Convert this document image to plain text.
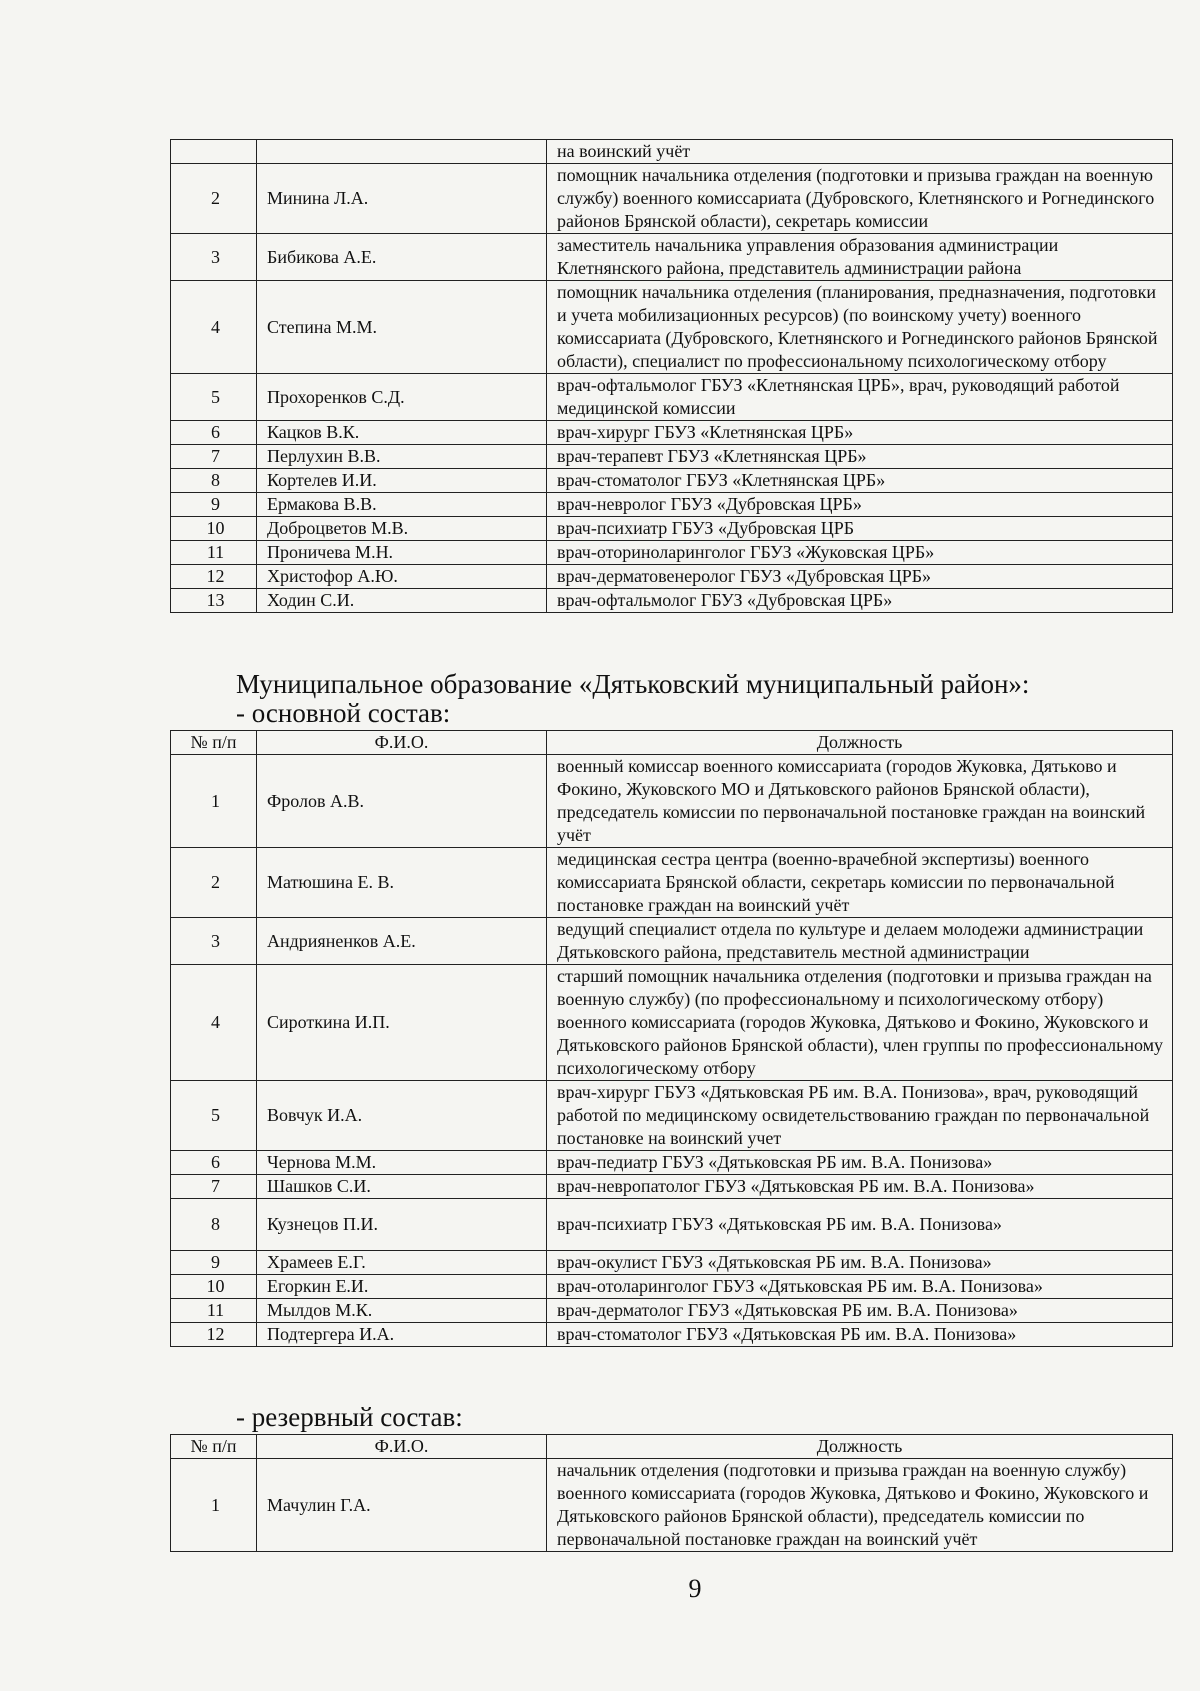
		на воинский учёт
2	Минина Л.А.	помощник начальника отделения (подготовки и призыва граждан на военную службу) военного комиссариата (Дубровского, Клетнянского и Рогнединского районов Брянской области), секретарь комиссии
3	Бибикова А.Е.	заместитель начальника управления образования администрации Клетнянского района, представитель администрации района
4	Степина М.М.	помощник начальника отделения (планирования, предназначения, подготовки и учета мобилизационных ресурсов) (по воинскому учету) военного комиссариата (Дубровского, Клетнянского и Рогнединского районов Брянской области), специалист по профессиональному психологическому отбору
5	Прохоренков С.Д.	врач-офтальмолог ГБУЗ «Клетнянская ЦРБ», врач, руководящий работой медицинской комиссии
6	Кацков В.К.	врач-хирург ГБУЗ «Клетнянская ЦРБ»
7	Перлухин В.В.	врач-терапевт ГБУЗ «Клетнянская ЦРБ»
8	Кортелев И.И.	врач-стоматолог ГБУЗ «Клетнянская ЦРБ»
9	Ермакова В.В.	врач-невролог ГБУЗ «Дубровская ЦРБ»
10	Доброцветов М.В.	врач-психиатр ГБУЗ «Дубровская ЦРБ
11	Проничева М.Н.	врач-оториноларинголог ГБУЗ «Жуковская ЦРБ»
12	Христофор А.Ю.	врач-дерматовенеролог ГБУЗ «Дубровская ЦРБ»
13	Ходин С.И.	врач-офтальмолог ГБУЗ «Дубровская ЦРБ»
Муниципальное образование «Дятьковский муниципальный район»:
- основной состав:
№ п/п	Ф.И.О.	Должность
1	Фролов А.В.	военный комиссар военного комиссариата (городов Жуковка, Дятьково и Фокино, Жуковского МО и Дятьковского районов Брянской области), председатель комиссии по первоначальной постановке граждан на воинский учёт
2	Матюшина Е. В.	медицинская сестра центра (военно-врачебной экспертизы) военного комиссариата Брянской области, секретарь комиссии по первоначальной постановке граждан на воинский учёт
3	Андрияненков А.Е.	ведущий специалист отдела по культуре и делаем молодежи администрации Дятьковского района, представитель местной администрации
4	Сироткина И.П.	старший помощник начальника отделения (подготовки и призыва граждан на военную службу) (по профессиональному и психологическому отбору) военного комиссариата (городов Жуковка, Дятьково и Фокино, Жуковского и Дятьковского районов Брянской области), член группы по профессиональному психологическому отбору
5	Вовчук И.А.	врач-хирург ГБУЗ «Дятьковская РБ им. В.А. Понизова», врач, руководящий работой по медицинскому освидетельствованию граждан по первоначальной постановке на воинский учет
6	Чернова М.М.	врач-педиатр ГБУЗ «Дятьковская РБ им. В.А. Понизова»
7	Шашков С.И.	врач-невропатолог ГБУЗ «Дятьковская РБ им. В.А. Понизова»
8	Кузнецов П.И.	врач-психиатр ГБУЗ «Дятьковская РБ им. В.А. Понизова»
9	Храмеев Е.Г.	врач-окулист ГБУЗ «Дятьковская РБ им. В.А. Понизова»
10	Егоркин Е.И.	врач-отоларинголог ГБУЗ «Дятьковская РБ им. В.А. Понизова»
11	Мылдов М.К.	врач-дерматолог ГБУЗ «Дятьковская РБ им. В.А. Понизова»
12	Подтергера И.А.	врач-стоматолог ГБУЗ «Дятьковская РБ им. В.А. Понизова»
- резервный состав:
№ п/п	Ф.И.О.	Должность
1	Мачулин Г.А.	начальник отделения (подготовки и призыва граждан на военную службу) военного комиссариата (городов Жуковка, Дятьково и Фокино, Жуковского и Дятьковского районов Брянской области), председатель комиссии по первоначальной постановке граждан на воинский учёт
9
